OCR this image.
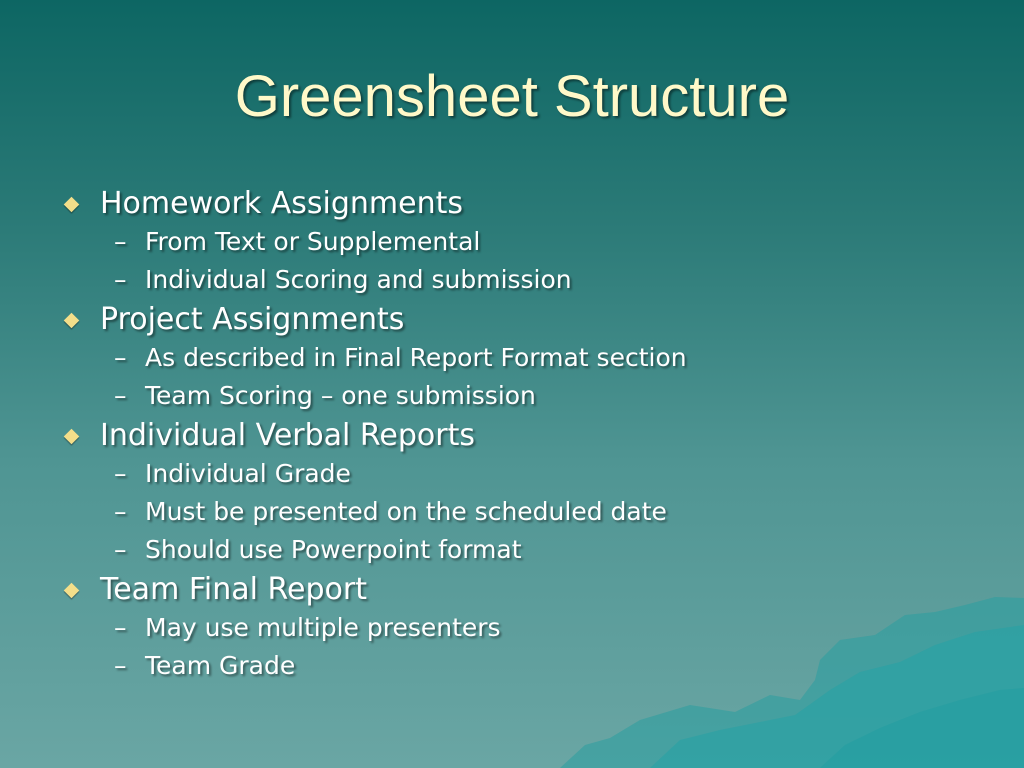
Greensheet Structure
Homework Assignments
– From Text or Supplemental
– Individual Scoring and submission
Project Assignments
– As described in Final Report Format section
– Team Scoring – one submission
Individual Verbal Reports
– Individual Grade
– Must be presented on the scheduled date
– Should use Powerpoint format
Team Final Report
– May use multiple presenters
– Team Grade
